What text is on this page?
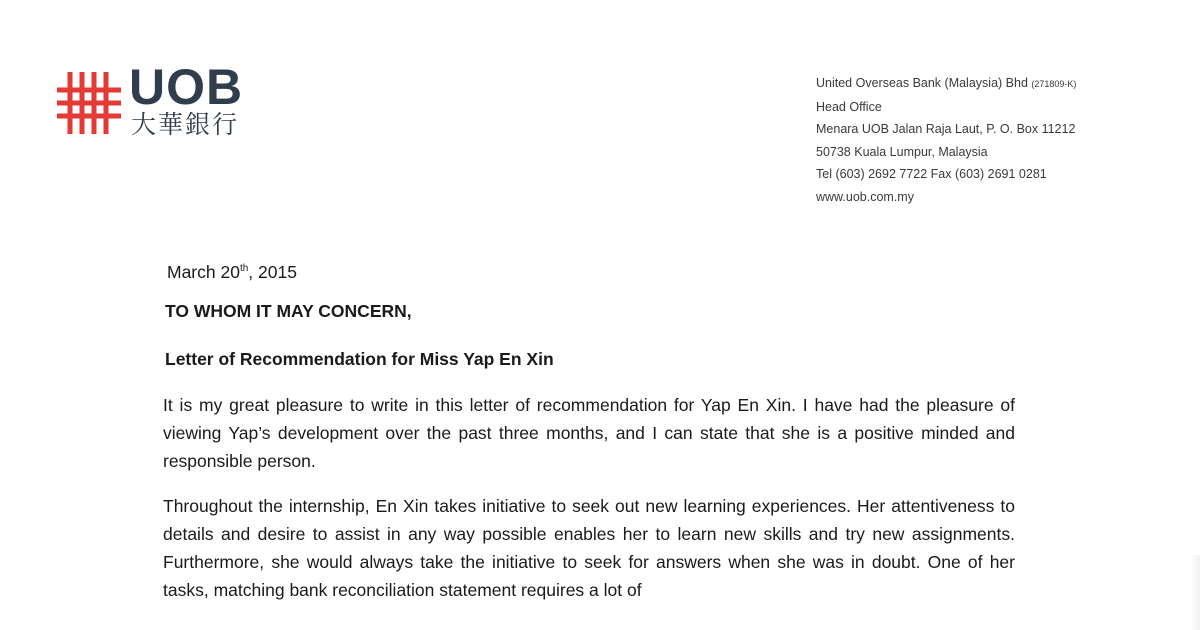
UOB
大華銀行
United Overseas Bank (Malaysia) Bhd (271809-K)
Head Office
Menara UOB Jalan Raja Laut, P. O. Box 11212
50738 Kuala Lumpur, Malaysia
Tel (603) 2692 7722 Fax (603) 2691 0281
www.uob.com.my
March 20th, 2015
TO WHOM IT MAY CONCERN,
Letter of Recommendation for Miss Yap En Xin

It is my great pleasure to write in this letter of recommendation for Yap En Xin. I have had the pleasure of viewing Yap’s development over the past three months, and I can state that she is a positive minded and responsible person.

Throughout the internship, En Xin takes initiative to seek out new learning experiences. Her attentiveness to details and desire to assist in any way possible enables her to learn new skills and try new assignments. Furthermore, she would always take the initiative to seek for answers when she was in doubt. One of her tasks, matching bank reconciliation statement requires a lot of
